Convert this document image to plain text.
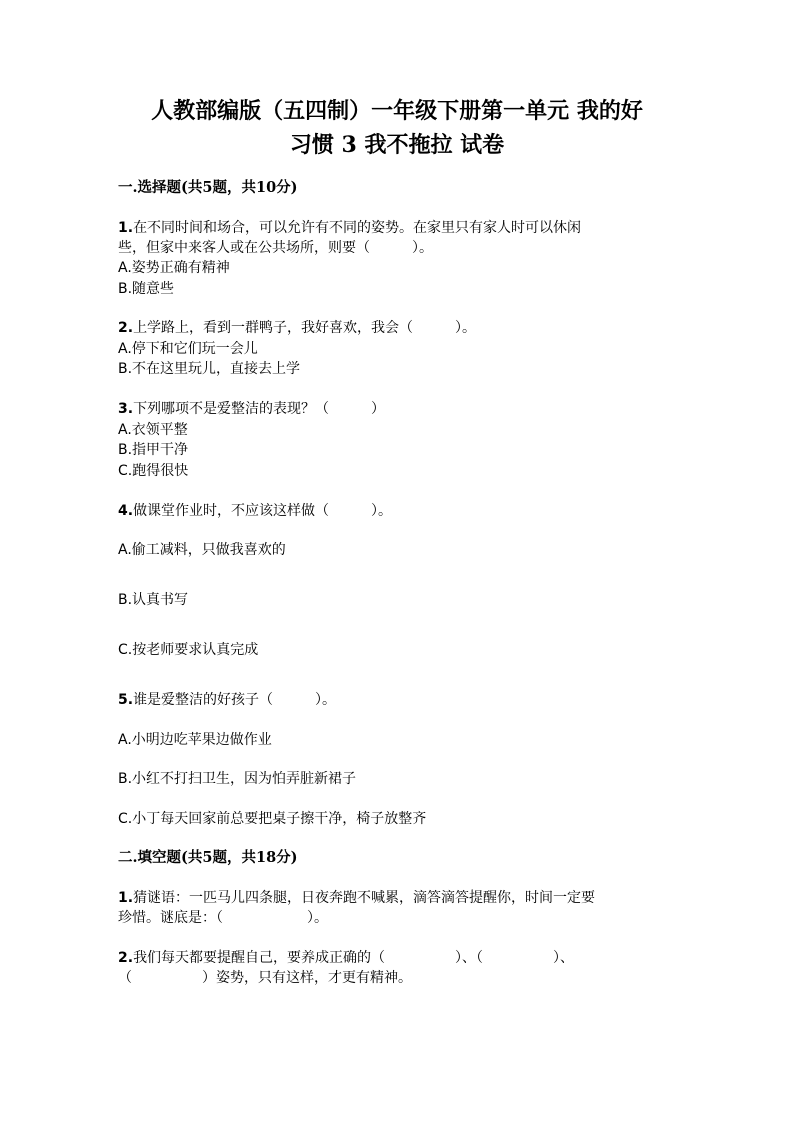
人教部编版（五四制）一年级下册第一单元 我的好
习惯 3 我不拖拉 试卷
一.选择题(共5题，共10分)
1.在不同时间和场合，可以允许有不同的姿势。在家里只有家人时可以休闲
些，但家中来客人或在公共场所，则要（　　　）。
A.姿势正确有精神
B.随意些
2.上学路上，看到一群鸭子，我好喜欢，我会（　　　）。
A.停下和它们玩一会儿
B.不在这里玩儿，直接去上学
3.下列哪项不是爱整洁的表现？（　　　）
A.衣领平整
B.指甲干净
C.跑得很快
4.做课堂作业时，不应该这样做（　　　）。
A.偷工减料，只做我喜欢的
B.认真书写
C.按老师要求认真完成
5.谁是爱整洁的好孩子（　　　）。
A.小明边吃苹果边做作业
B.小红不打扫卫生，因为怕弄脏新裙子
C.小丁每天回家前总要把桌子擦干净，椅子放整齐
二.填空题(共5题，共18分)
1.猜谜语：一匹马儿四条腿，日夜奔跑不喊累，滴答滴答提醒你，时间一定要
珍惜。谜底是：（　　　　　　）。
2.我们每天都要提醒自己，要养成正确的（　　　　　）、（　　　　　）、
（　　　　　）姿势，只有这样，才更有精神。
